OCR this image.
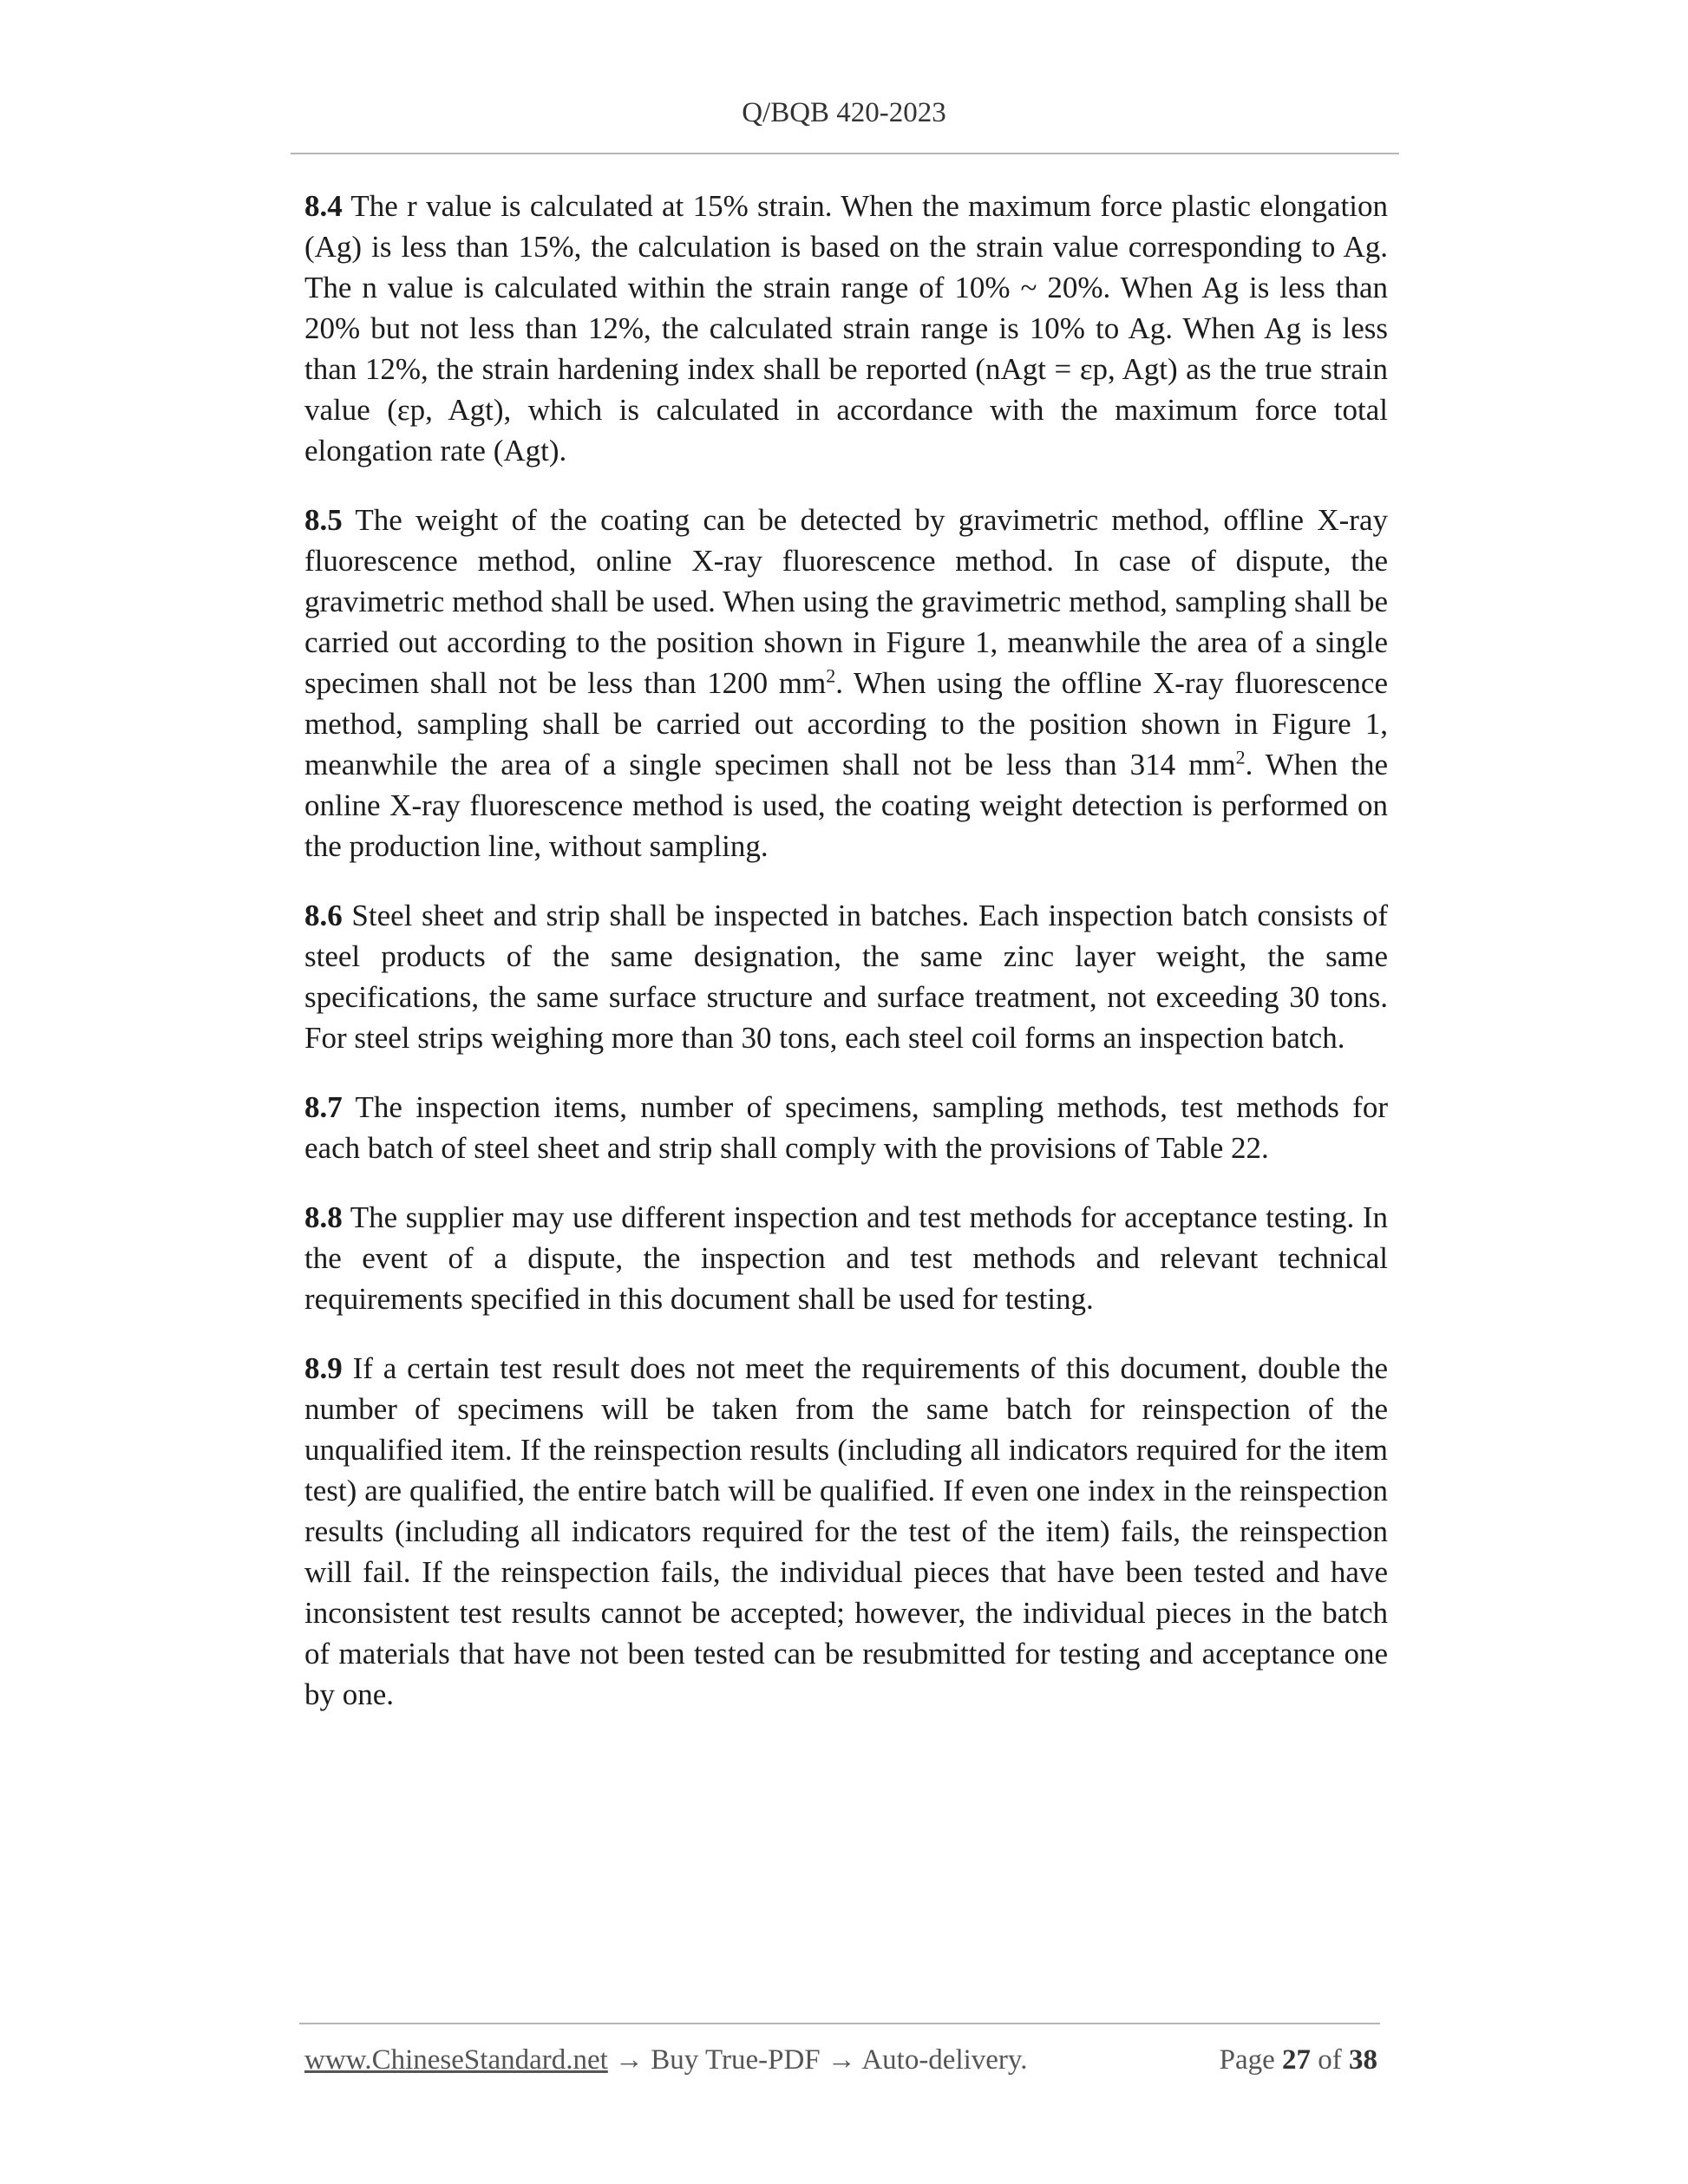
Q/BQB 420-2023

8.4 The r value is calculated at 15% strain. When the maximum force plastic elongation (Ag) is less than 15%, the calculation is based on the strain value corresponding to Ag. The n value is calculated within the strain range of 10% ~ 20%. When Ag is less than 20% but not less than 12%, the calculated strain range is 10% to Ag. When Ag is less than 12%, the strain hardening index shall be reported (nAgt = εp, Agt) as the true strain value (εp, Agt), which is calculated in accordance with the maximum force total elongation rate (Agt).

8.5 The weight of the coating can be detected by gravimetric method, offline X-ray fluorescence method, online X-ray fluorescence method. In case of dispute, the gravimetric method shall be used. When using the gravimetric method, sampling shall be carried out according to the position shown in Figure 1, meanwhile the area of a single specimen shall not be less than 1200 $mm^2$. When using the offline X-ray fluorescence method, sampling shall be carried out according to the position shown in Figure 1, meanwhile the area of a single specimen shall not be less than 314 $mm^2$. When the online X-ray fluorescence method is used, the coating weight detection is performed on the production line, without sampling.

8.6 Steel sheet and strip shall be inspected in batches. Each inspection batch consists of steel products of the same designation, the same zinc layer weight, the same specifications, the same surface structure and surface treatment, not exceeding 30 tons. For steel strips weighing more than 30 tons, each steel coil forms an inspection batch.

8.7 The inspection items, number of specimens, sampling methods, test methods for each batch of steel sheet and strip shall comply with the provisions of Table 22.

8.8 The supplier may use different inspection and test methods for acceptance testing. In the event of a dispute, the inspection and test methods and relevant technical requirements specified in this document shall be used for testing.

8.9 If a certain test result does not meet the requirements of this document, double the number of specimens will be taken from the same batch for reinspection of the unqualified item. If the reinspection results (including all indicators required for the item test) are qualified, the entire batch will be qualified. If even one index in the reinspection results (including all indicators required for the test of the item) fails, the reinspection will fail. If the reinspection fails, the individual pieces that have been tested and have inconsistent test results cannot be accepted; however, the individual pieces in the batch of materials that have not been tested can be resubmitted for testing and acceptance one by one.

www.ChineseStandard.net → Buy True-PDF → Auto-delivery.	Page 27 of 38
